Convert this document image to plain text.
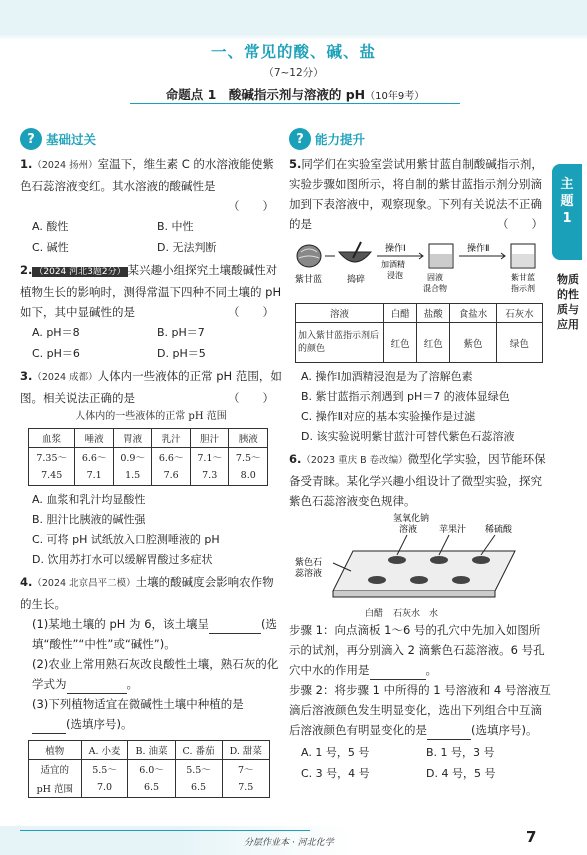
一、常见的酸、碱、盐
（7~12分）
命题点 1　酸碱指示剂与溶液的 pH（10年9考）
? 基础过关
1.（2024 扬州）室温下，维生素 C 的水溶液能使紫色石蕊溶液变红。其水溶液的酸碱性是
（　　）

A. 酸性	B. 中性
C. 碱性	D. 无法判断
2. （2024 河北3题2分） 某兴趣小组探究土壤酸碱性对植物生长的影响时，测得常温下四种不同土壤的 pH 如下，其中显碱性的是	（　　）
A. pH＝8	B. pH＝7
C. pH＝6	D. pH＝5
3.（2024 成都）人体内一些液体的正常 pH 范围，如图。相关说法正确的是	（　　）
人体内的一些液体的正常 pH 范围
血浆	唾液	胃液	乳汁	胆汁	胰液
7.35～	6.6～	0.9～	6.6～	7.1～	7.5～
7.45	7.1	1.5	7.6	7.3	8.0
A. 血浆和乳汁均显酸性
B. 胆汁比胰液的碱性强
C. 可将 pH 试纸放入口腔测唾液的 pH
D. 饮用苏打水可以缓解胃酸过多症状
4.（2024 北京昌平二模）土壤的酸碱度会影响农作物的生长。
(1)某地土壤的 pH 为 6，该土壤呈	(选填“酸性”“中性”或“碱性”)。
(2)农业上常用熟石灰改良酸性土壤，熟石灰的化学式为	。
(3)下列植物适宜在微碱性土壤中种植的是
(选填序号)。
植物	A. 小麦	B. 油菜	C. 番茄	D. 甜菜
适宜的	5.5～	6.0～	5.5～	7～
pH 范围	7.0	6.5	6.5	7.5
? 能力提升
5.同学们在实验室尝试用紫甘蓝自制酸碱指示剂，实验步骤如图所示，将自制的紫甘蓝指示剂分别滴加到下表溶液中，观察现象。下列有关说法不正确的是	（　　）
紫甘蓝	捣碎
操作Ⅰ
加酒精
浸泡	固液
混合物
操作Ⅱ
紫甘蓝
指示剂
溶液	白醋	盐酸	食盐水	石灰水
加入紫甘蓝指示剂后的颜色	红色	红色	紫色	绿色
A. 操作Ⅰ加酒精浸泡是为了溶解色素
B. 紫甘蓝指示剂遇到 pH＝7 的液体显绿色
C. 操作Ⅱ对应的基本实验操作是过滤
D. 该实验说明紫甘蓝汁可替代紫色石蕊溶液
6.（2023 重庆 B 卷改编）微型化学实验，因节能环保备受青睐。某化学兴趣小组设计了微型实验，探究紫色石蕊溶液变色规律。
氢氧化钠
溶液 苹果汁 稀硫酸
紫色石
蕊溶液
白醋 石灰水 水
步骤 1：向点滴板 1～6 号的孔穴中先加入如图所示的试剂，再分别滴入 2 滴紫色石蕊溶液。6 号孔穴中水的作用是	。
步骤 2：将步骤 1 中所得的 1 号溶液和 4 号溶液互滴后溶液颜色发生明显变化，选出下列组合中互滴后溶液颜色有明显变化的是	(选填序号)。
A. 1 号，5 号	B. 1 号，3 号
C. 3 号，4 号	D. 4 号，5 号
主
题
1
物质的性质与应用
分层作业本 · 河北化学	7
